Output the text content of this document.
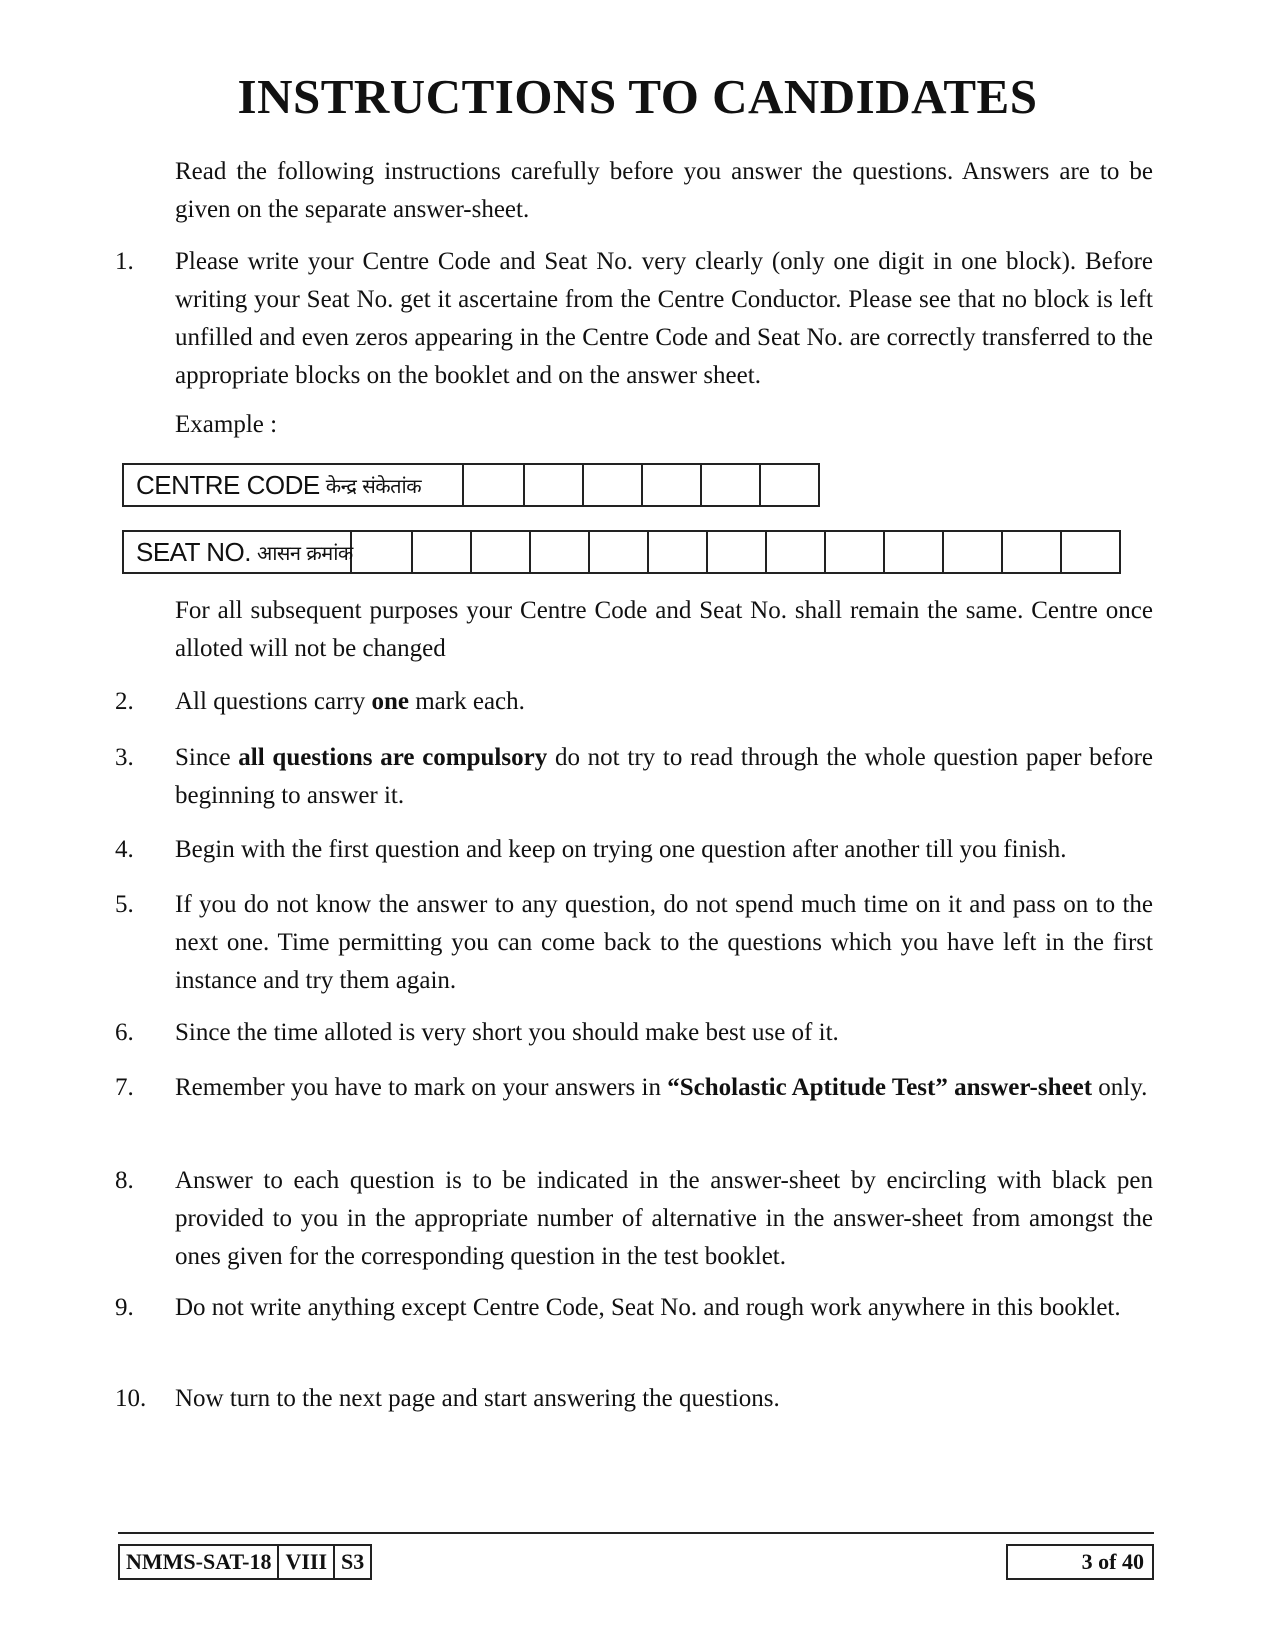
INSTRUCTIONS TO CANDIDATES

Read the following instructions carefully before you answer the questions. Answers are to be given on the separate answer-sheet.

1. Please write your Centre Code and Seat No. very clearly (only one digit in one block). Before writing your Seat No. get it ascertaine from the Centre Conductor. Please see that no block is left unfilled and even zeros appearing in the Centre Code and Seat No. are correctly transferred to the appropriate blocks on the booklet and on the answer sheet.

Example :
CENTRE CODE केन्द्र संकेतांक
SEAT NO. आसन क्रमांक

For all subsequent purposes your Centre Code and Seat No. shall remain the same. Centre once alloted will not be changed

2. All questions carry one mark each.

3. Since all questions are compulsory do not try to read through the whole question paper before beginning to answer it.

4. Begin with the first question and keep on trying one question after another till you finish.

5. If you do not know the answer to any question, do not spend much time on it and pass on to the next one. Time permitting you can come back to the questions which you have left in the first instance and try them again.

6. Since the time alloted is very short you should make best use of it.

7. Remember you have to mark on your answers in “Scholastic Aptitude Test” answer-sheet only.

8. Answer to each question is to be indicated in the answer-sheet by encircling with black pen provided to you in the appropriate number of alternative in the answer-sheet from amongst the ones given for the corresponding question in the test booklet.

9. Do not write anything except Centre Code, Seat No. and rough work anywhere in this booklet.

10. Now turn to the next page and start answering the questions.

NMMS-SAT-18 VIII S3	3 of 40
